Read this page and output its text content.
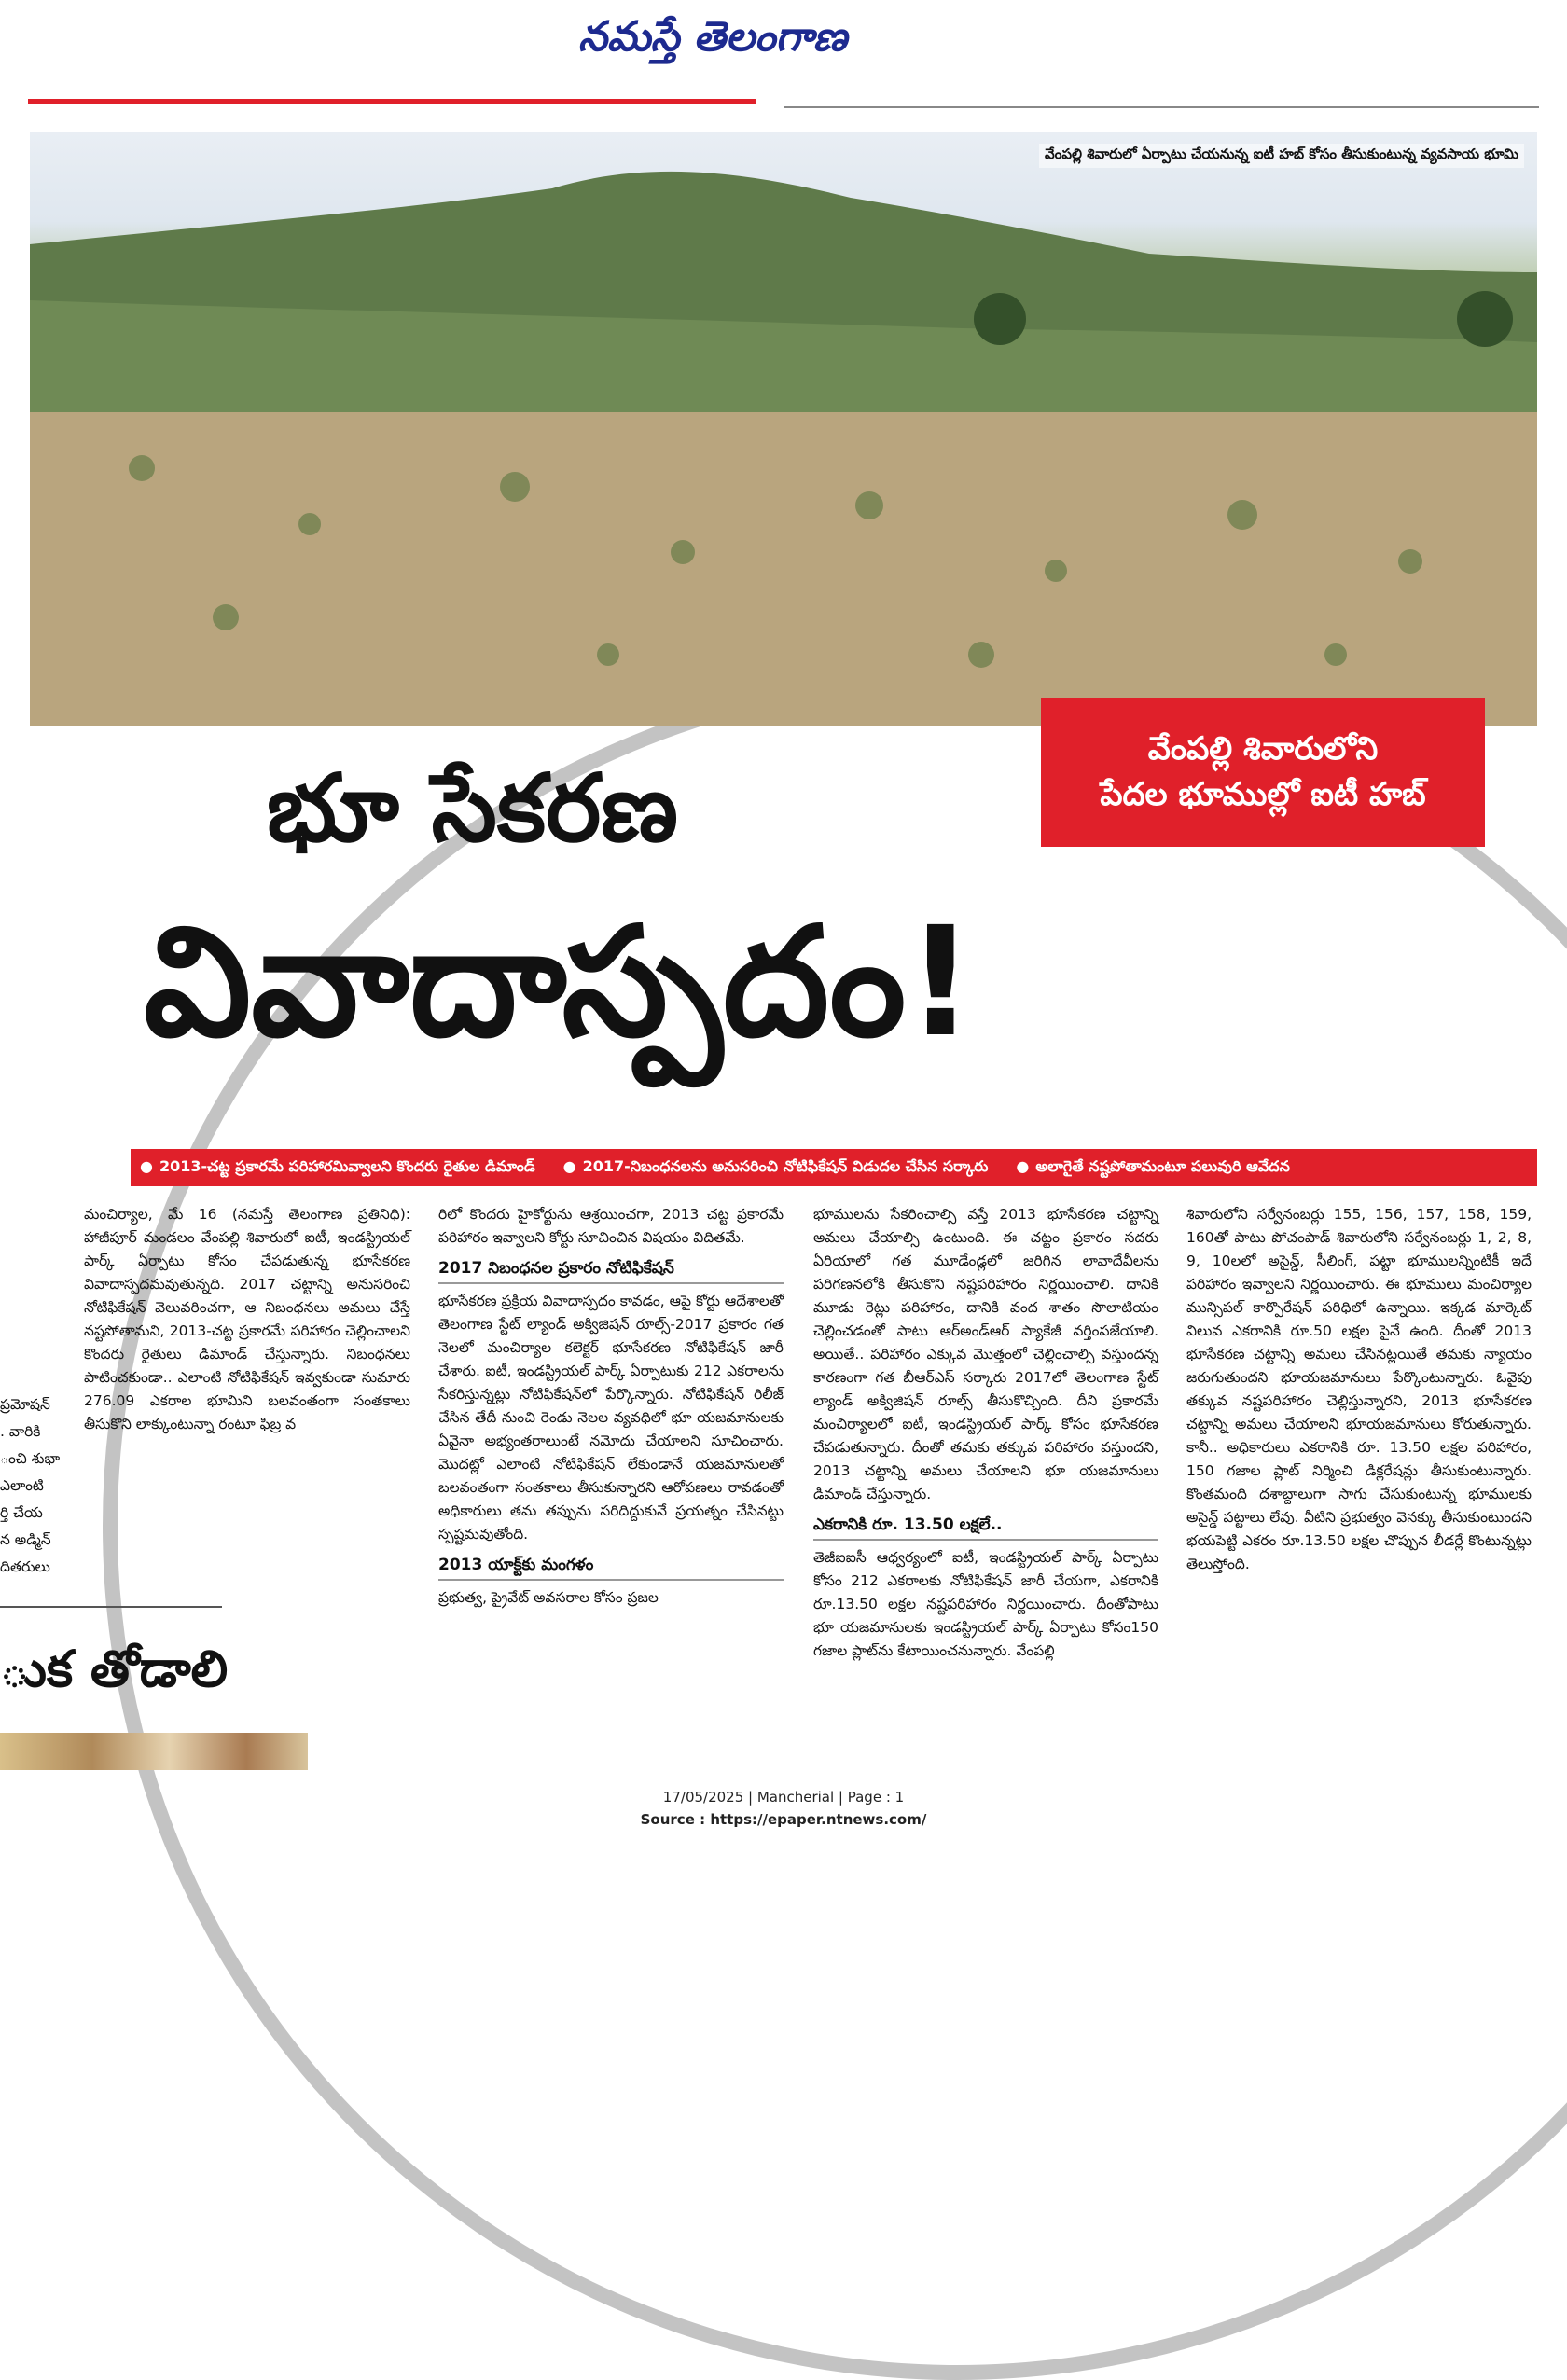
నమస్తే తెలంగాణ
వేంపల్లి శివారులో ఏర్పాటు చేయనున్న ఐటీ హబ్ కోసం తీసుకుంటున్న వ్యవసాయ భూమి
వేంపల్లి శివారులోని
పేదల భూముల్లో ఐటీ హబ్
భూ సేకరణ
వివాదాస్పదం!
● 2013-చట్ట ప్రకారమే పరిహారమివ్వాలని కొందరు రైతుల డిమాండ్	● 2017-నిబంధనలను అనుసరించి నోటిఫికేషన్ విడుదల చేసిన సర్కారు	● అలాగైతే నష్టపోతామంటూ పలువురి ఆవేదన

మంచిర్యాల, మే 16 (నమస్తే తెలంగాణ ప్రతినిధి): హాజీపూర్ మండలం వేంపల్లి శివారులో ఐటీ, ఇండస్ట్రియల్ పార్క్ ఏర్పాటు కోసం చేపడుతున్న భూసేకరణ వివాదాస్పదమవుతున్నది. 2017 చట్టాన్ని అనుసరించి నోటిఫికేషన్ వెలువరించగా, ఆ నిబంధనలు అమలు చేస్తే నష్టపోతామని, 2013-చట్ట ప్రకారమే పరిహారం చెల్లించాలని కొందరు రైతులు డిమాండ్ చేస్తున్నారు. నిబంధనలు పాటించకుండా.. ఎలాంటి నోటిఫికేషన్ ఇవ్వకుండా సుమారు 276.09 ఎకరాల భూమిని బలవంతంగా సంతకాలు తీసుకొని లాక్కుంటున్నా రంటూ ఫిబ్ర వ

రిలో కొందరు హైకోర్టును ఆశ్రయించగా, 2013 చట్ట ప్రకారమే పరిహారం ఇవ్వాలని కోర్టు సూచించిన విషయం విదితమే.

2017 నిబంధనల ప్రకారం నోటిఫికేషన్

భూసేకరణ ప్రక్రియ వివాదాస్పదం కావడం, ఆపై కోర్టు ఆదేశాలతో తెలంగాణ స్టేట్ ల్యాండ్ అక్విజిషన్ రూల్స్-2017 ప్రకారం గత నెలలో మంచిర్యాల కలెక్టర్ భూసేకరణ నోటిఫికేషన్ జారీ చేశారు. ఐటీ, ఇండస్ట్రియల్ పార్క్ ఏర్పాటుకు 212 ఎకరాలను సేకరిస్తున్నట్లు నోటిఫికేషన్‌లో పేర్కొన్నారు. నోటిఫికేషన్ రిలీజ్ చేసిన తేదీ నుంచి రెండు నెలల వ్యవధిలో భూ యజమానులకు ఏవైనా అభ్యంతరాలుంటే నమోదు చేయాలని సూచించారు. మొదట్లో ఎలాంటి నోటిఫికేషన్ లేకుండానే యజమానులతో బలవంతంగా సంతకాలు తీసుకున్నారని ఆరోపణలు రావడంతో అధికారులు తమ తప్పును సరిదిద్దుకునే ప్రయత్నం చేసినట్టు స్పష్టమవుతోంది.

2013 యాక్ట్‌కు మంగళం

ప్రభుత్వ, ప్రైవేట్ అవసరాల కోసం ప్రజల

భూములను సేకరించాల్సి వస్తే 2013 భూసేకరణ చట్టాన్ని అమలు చేయాల్సి ఉంటుంది. ఈ చట్టం ప్రకారం సదరు ఏరియాలో గత మూడేండ్లలో జరిగిన లావాదేవీలను పరిగణనలోకి తీసుకొని నష్టపరిహారం నిర్ణయించాలి. దానికి మూడు రెట్లు పరిహారం, దానికి వంద శాతం సొలాటియం చెల్లించడంతో పాటు ఆర్అండ్ఆర్ ప్యాకేజీ వర్తింపజేయాలి. అయితే.. పరిహారం ఎక్కువ మొత్తంలో చెల్లించాల్సి వస్తుందన్న కారణంగా గత బీఆర్ఎస్ సర్కారు 2017లో తెలంగాణ స్టేట్ ల్యాండ్ అక్విజిషన్ రూల్స్ తీసుకొచ్చింది. దీని ప్రకారమే మంచిర్యాలలో ఐటీ, ఇండస్ట్రియల్ పార్క్ కోసం భూసేకరణ చేపడుతున్నారు. దీంతో తమకు తక్కువ పరిహారం వస్తుందని, 2013 చట్టాన్ని అమలు చేయాలని భూ యజమానులు డిమాండ్ చేస్తున్నారు.

ఎకరానికి రూ. 13.50 లక్షలే..

తెజీఐఐసీ ఆధ్వర్యంలో ఐటీ, ఇండస్ట్రియల్ పార్క్ ఏర్పాటు కోసం 212 ఎకరాలకు నోటిఫికేషన్ జారీ చేయగా, ఎకరానికి రూ.13.50 లక్షల నష్టపరిహారం నిర్ణయించారు. దీంతోపాటు భూ యజమానులకు ఇండస్ట్రియల్ పార్క్ ఏర్పాటు కోసం150 గజాల ప్లాట్‌ను కేటాయించనున్నారు. వేంపల్లి

శివారులోని సర్వేనంబర్లు 155, 156, 157, 158, 159, 160తో పాటు పోచంపాడ్ శివారులోని సర్వేనంబర్లు 1, 2, 8, 9, 10లలో అసైన్డ్, సీలింగ్, పట్టా భూములన్నింటికీ ఇదే పరిహారం ఇవ్వాలని నిర్ణయించారు. ఈ భూములు మంచిర్యాల మున్సిపల్ కార్పొరేషన్ పరిధిలో ఉన్నాయి. ఇక్కడ మార్కెట్ విలువ ఎకరానికి రూ.50 లక్షల పైనే ఉంది. దీంతో 2013 భూసేకరణ చట్టాన్ని అమలు చేసినట్లయితే తమకు న్యాయం జరుగుతుందని భూయజమానులు పేర్కొంటున్నారు. ఓవైపు తక్కువ నష్టపరిహారం చెల్లిస్తున్నారని, 2013 భూసేకరణ చట్టాన్ని అమలు చేయాలని భూయజమానులు కోరుతున్నారు. కానీ.. అధికారులు ఎకరానికి రూ. 13.50 లక్షల పరిహారం, 150 గజాల ప్లాట్ నిర్మించి డిక్లరేషన్లు తీసుకుంటున్నారు. కొంతమంది దశాబ్దాలుగా సాగు చేసుకుంటున్న భూములకు అసైన్డ్ పట్టాలు లేవు. వీటిని ప్రభుత్వం వెనక్కు తీసుకుంటుందని భయపెట్టి ఎకరం రూ.13.50 లక్షల చొప్పున లీడర్లే కొంటున్నట్లు తెలుస్తోంది.

ప్రమోషన్
. వారికి
ంచి శుభా
ఎలాంటి
ర్తి చేయ
న అడ్మిన్
దితరులు
ుక తోడాలి
17/05/2025 | Mancherial | Page : 1
Source : https://epaper.ntnews.com/
